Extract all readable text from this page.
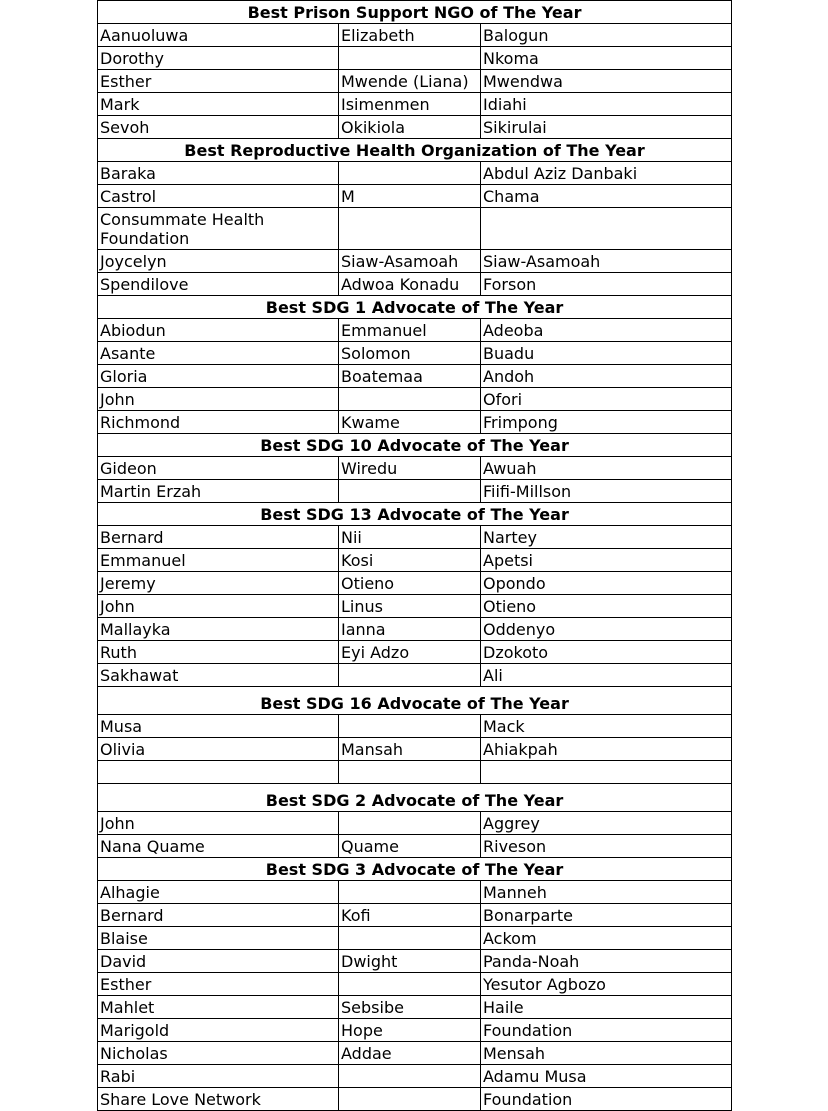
Best Prison Support NGO of The Year		
Aanuoluwa	Elizabeth	Balogun
Dorothy		Nkoma
Esther	Mwende (Liana)	Mwendwa
Mark	Isimenmen	Idiahi
Sevoh	Okikiola	Sikirulai
Best Reproductive Health Organization of The Year		
Baraka		Abdul Aziz Danbaki
Castrol	M	Chama
Consummate Health Foundation		
Joycelyn	Siaw-Asamoah	Siaw-Asamoah
Spendilove	Adwoa Konadu	Forson
Best SDG 1 Advocate of The Year		
Abiodun	Emmanuel	Adeoba
Asante	Solomon	Buadu
Gloria	Boatemaa	Andoh
John		Ofori
Richmond	Kwame	Frimpong
Best SDG 10 Advocate of The Year		
Gideon	Wiredu	Awuah
Martin Erzah		Fiifi-Millson
Best SDG 13 Advocate of The Year		
Bernard	Nii	Nartey
Emmanuel	Kosi	Apetsi
Jeremy	Otieno	Opondo
John	Linus	Otieno
Mallayka	Ianna	Oddenyo
Ruth	Eyi Adzo	Dzokoto
Sakhawat		Ali
Best SDG 16 Advocate of The Year		
Musa		Mack
Olivia	Mansah	Ahiakpah

Best SDG 2 Advocate of The Year		
John		Aggrey
Nana Quame	Quame	Riveson
Best SDG 3 Advocate of The Year		
Alhagie		Manneh
Bernard	Kofi	Bonarparte
Blaise		Ackom
David	Dwight	Panda-Noah
Esther		Yesutor Agbozo
Mahlet	Sebsibe	Haile
Marigold	Hope	Foundation
Nicholas	Addae	Mensah
Rabi		Adamu Musa
Share Love Network		Foundation
